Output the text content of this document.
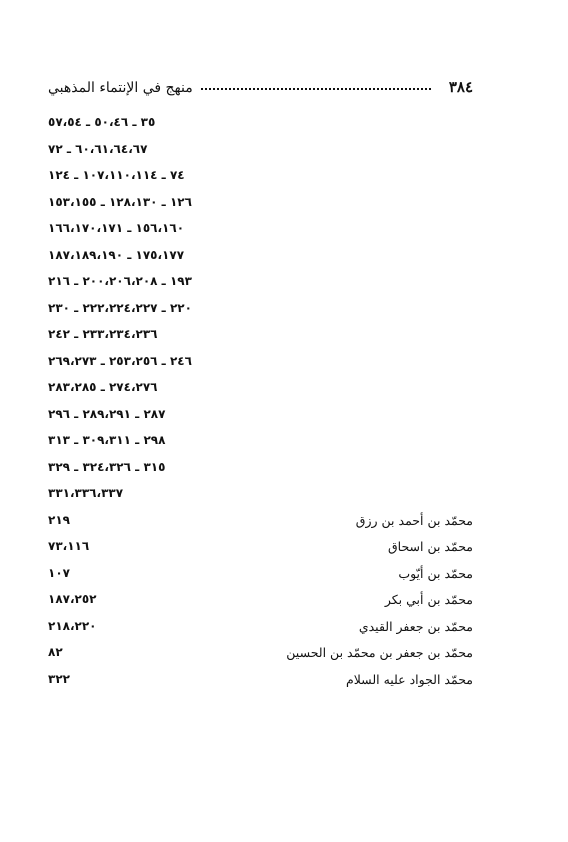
٣٨٤
منهج في الإنتماء المذهبي
٣٥ ـ ٥٠،٤٦ ـ ٥٧،٥٤
٦٠،٦١،٦٤،٦٧ ـ ٧٢
٧٤ ـ ١٠٧،١١٠،١١٤ ـ ١٢٤
١٢٦ ـ ١٢٨،١٣٠ ـ ١٥٣،١٥٥
١٥٦،١٦٠ ـ ١٦٦،١٧٠،١٧١
١٧٥،١٧٧ ـ ١٨٧،١٨٩،١٩٠
١٩٣ ـ ٢٠٠،٢٠٦،٢٠٨ ـ ٢١٦
٢٢٠ ـ ٢٢٢،٢٢٤،٢٢٧ ـ ٢٣٠
٢٣٣،٢٣٤،٢٣٦ ـ ٢٤٢
٢٤٦ ـ ٢٥٣،٢٥٦ ـ ٢٦٩،٢٧٣
٢٧٤،٢٧٦ ـ ٢٨٣،٢٨٥
٢٨٧ ـ ٢٨٩،٢٩١ ـ ٢٩٦
٢٩٨ ـ ٣٠٩،٣١١ ـ ٣١٣
٣١٥ ـ ٣٢٤،٣٢٦ ـ ٣٢٩
٣٣١،٣٣٦،٣٣٧
محمّد بن أحمد بن رزق
٢١٩
محمّد بن اسحاق
٧٣،١١٦
محمّد بن أيّوب
١٠٧
محمّد بن أبي بكر
١٨٧،٢٥٢
محمّد بن جعفر القيدي
٢١٨،٢٢٠
محمّد بن جعفر بن محمّد بن الحسين
٨٢
محمّد الجواد عليه السلام
٣٢٢
